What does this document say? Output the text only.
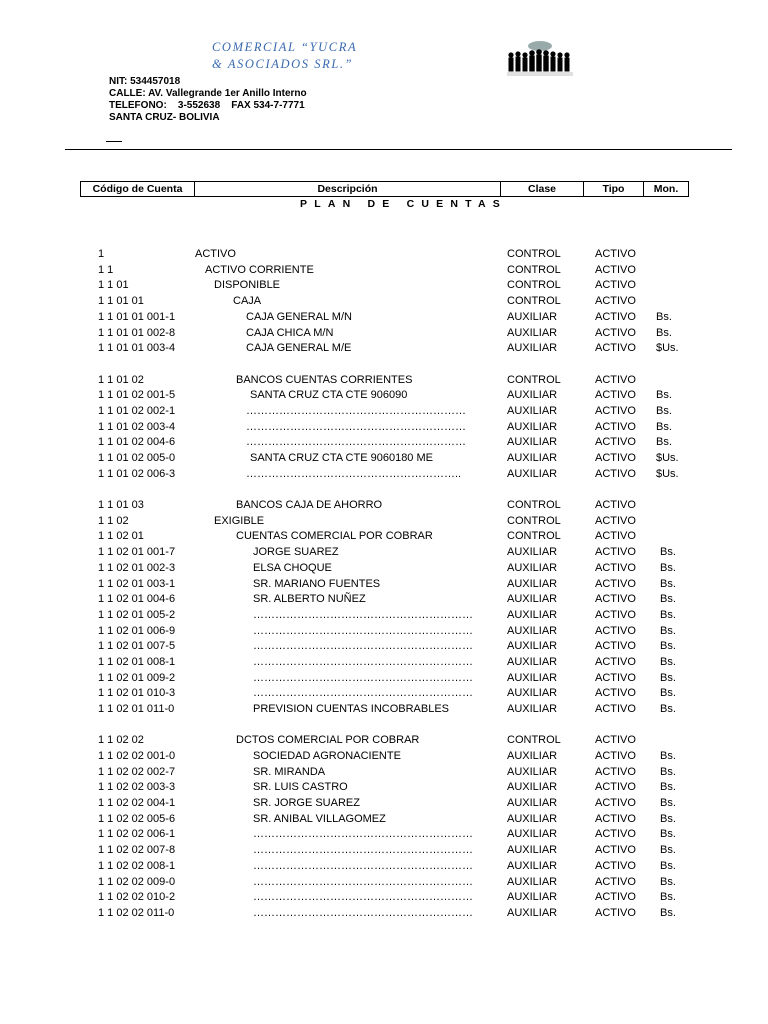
COMERCIAL “YUCRA
& ASOCIADOS SRL.”
NIT: 534457018
CALLE: AV. Vallegrande 1er Anillo Interno
TELEFONO:    3-552638    FAX 534-7-7771
SANTA CRUZ- BOLIVIA
Código de Cuenta	Descripción	Clase	Tipo	Mon.
PLAN DE CUENTAS
1	ACTIVO	CONTROL	ACTIVO
1 1	ACTIVO CORRIENTE	CONTROL	ACTIVO
1 1 01	DISPONIBLE	CONTROL	ACTIVO
1 1 01 01	CAJA	CONTROL	ACTIVO
1 1 01 01 001-1	CAJA GENERAL M/N	AUXILIAR	ACTIVO Bs.
1 1 01 01 002-8	CAJA CHICA M/N	AUXILIAR	ACTIVO Bs.
1 1 01 01 003-4	CAJA GENERAL M/E	AUXILIAR	ACTIVO $Us.
1 1 01 02	BANCOS CUENTAS CORRIENTES	CONTROL	ACTIVO
1 1 01 02 001-5	SANTA CRUZ CTA CTE 906090	AUXILIAR	ACTIVO Bs.
1 1 01 02 002-1	……………………………………………………	AUXILIAR	ACTIVO Bs.
1 1 01 02 003-4	……………………………………………………	AUXILIAR	ACTIVO Bs.
1 1 01 02 004-6	……………………………………………………	AUXILIAR	ACTIVO Bs.
1 1 01 02 005-0	SANTA CRUZ CTA CTE 9060180 ME	AUXILIAR	ACTIVO $Us.
1 1 01 02 006-3	…………………………………………………..	AUXILIAR	ACTIVO $Us.
1 1 01 03	BANCOS CAJA DE AHORRO	CONTROL	ACTIVO
1 1 02	EXIGIBLE	CONTROL	ACTIVO
1 1 02 01	CUENTAS COMERCIAL POR COBRAR	CONTROL	ACTIVO
1 1 02 01 001-7	JORGE SUAREZ	AUXILIAR	ACTIVO Bs.
1 1 02 01 002-3	ELSA CHOQUE	AUXILIAR	ACTIVO Bs.
1 1 02 01 003-1	SR. MARIANO FUENTES	AUXILIAR	ACTIVO Bs.
1 1 02 01 004-6	SR. ALBERTO NUÑEZ	AUXILIAR	ACTIVO Bs.
1 1 02 01 005-2	……………………………………………………	AUXILIAR	ACTIVO Bs.
1 1 02 01 006-9	……………………………………………………	AUXILIAR	ACTIVO Bs.
1 1 02 01 007-5	……………………………………………………	AUXILIAR	ACTIVO Bs.
1 1 02 01 008-1	……………………………………………………	AUXILIAR	ACTIVO Bs.
1 1 02 01 009-2	……………………………………………………	AUXILIAR	ACTIVO Bs.
1 1 02 01 010-3	……………………………………………………	AUXILIAR	ACTIVO Bs.
1 1 02 01 011-0	PREVISION CUENTAS INCOBRABLES	AUXILIAR	ACTIVO Bs.
1 1 02 02	DCTOS COMERCIAL POR COBRAR	CONTROL	ACTIVO
1 1 02 02 001-0	SOCIEDAD AGRONACIENTE	AUXILIAR	ACTIVO Bs.
1 1 02 02 002-7	SR. MIRANDA	AUXILIAR	ACTIVO Bs.
1 1 02 02 003-3	SR. LUIS CASTRO	AUXILIAR	ACTIVO Bs.
1 1 02 02 004-1	SR. JORGE SUAREZ	AUXILIAR	ACTIVO Bs.
1 1 02 02 005-6	SR. ANIBAL VILLAGOMEZ	AUXILIAR	ACTIVO Bs.
1 1 02 02 006-1	……………………………………………………	AUXILIAR	ACTIVO Bs.
1 1 02 02 007-8	……………………………………………………	AUXILIAR	ACTIVO Bs.
1 1 02 02 008-1	……………………………………………………	AUXILIAR	ACTIVO Bs.
1 1 02 02 009-0	……………………………………………………	AUXILIAR	ACTIVO Bs.
1 1 02 02 010-2	……………………………………………………	AUXILIAR	ACTIVO Bs.
1 1 02 02 011-0	……………………………………………………	AUXILIAR	ACTIVO Bs.
